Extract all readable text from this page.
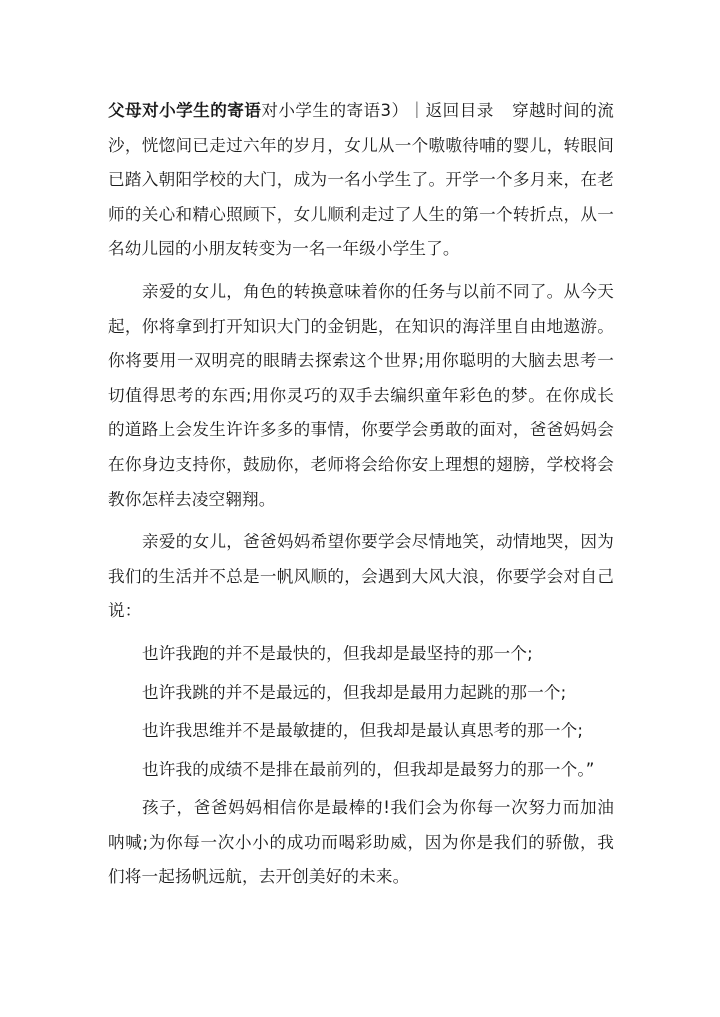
父母对小学生的寄语对小学生的寄语3）｜返回目录 穿越时间的流沙，恍惚间已走过六年的岁月，女儿从一个嗷嗷待哺的婴儿，转眼间已踏入朝阳学校的大门，成为一名小学生了。开学一个多月来，在老师的关心和精心照顾下，女儿顺利走过了人生的第一个转折点，从一名幼儿园的小朋友转变为一名一年级小学生了。

亲爱的女儿，角色的转换意味着你的任务与以前不同了。从今天起，你将拿到打开知识大门的金钥匙，在知识的海洋里自由地遨游。你将要用一双明亮的眼睛去探索这个世界;用你聪明的大脑去思考一切值得思考的东西;用你灵巧的双手去编织童年彩色的梦。在你成长的道路上会发生许许多多的事情，你要学会勇敢的面对，爸爸妈妈会在你身边支持你，鼓励你，老师将会给你安上理想的翅膀，学校将会教你怎样去凌空翱翔。

亲爱的女儿，爸爸妈妈希望你要学会尽情地笑，动情地哭，因为我们的生活并不总是一帆风顺的，会遇到大风大浪，你要学会对自己说：

也许我跑的并不是最快的，但我却是最坚持的那一个;

也许我跳的并不是最远的，但我却是最用力起跳的那一个;

也许我思维并不是最敏捷的，但我却是最认真思考的那一个;

也许我的成绩不是排在最前列的，但我却是最努力的那一个。”

孩子，爸爸妈妈相信你是最棒的!我们会为你每一次努力而加油呐喊;为你每一次小小的成功而喝彩助威，因为你是我们的骄傲，我们将一起扬帆远航，去开创美好的未来。
